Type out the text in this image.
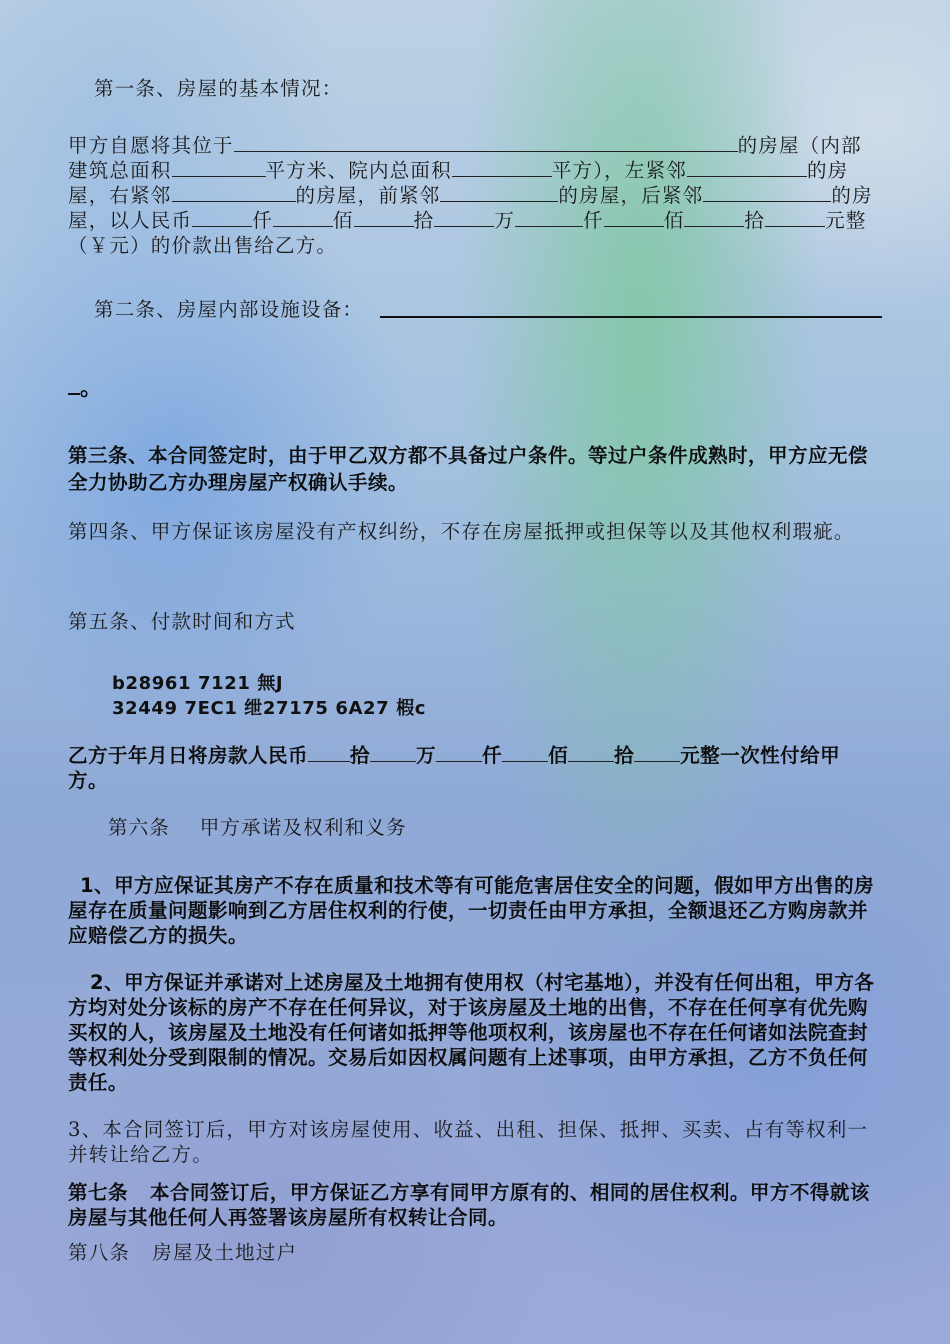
第一条、房屋的基本情况：

甲方自愿将其位于	的房屋（内部建筑总面积	平方米、院内总面积	平方），左紧邻	的房屋，右紧邻	的房屋，前紧邻	的房屋，后紧邻	的房屋，以人民币	仟	佰	拾	万	仟	佰	拾	元整（￥元）的价款出售给乙方。

第二条、房屋内部设施设备：

。

第三条、本合同签定时，由于甲乙双方都不具备过户条件。等过户条件成熟时，甲方应无偿全力协助乙方办理房屋产权确认手续。

第四条、甲方保证该房屋没有产权纠纷，不存在房屋抵押或担保等以及其他权利瑕疵。

第五条、付款时间和方式

b28961 7121 無J
32449 7EC1 绁27175 6A27 椵c

乙方于年月日将房款人民币 拾 万 仟 佰 拾 元整一次性付给甲方。

第六条    甲方承诺及权利和义务

1、甲方应保证其房产不存在质量和技术等有可能危害居住安全的问题，假如甲方出售的房屋存在质量问题影响到乙方居住权利的行使，一切责任由甲方承担，全额退还乙方购房款并应赔偿乙方的损失。

2、甲方保证并承诺对上述房屋及土地拥有使用权（村宅基地），并没有任何出租，甲方各方均对处分该标的房产不存在任何异议，对于该房屋及土地的出售，不存在任何享有优先购买权的人，该房屋及土地没有任何诸如抵押等他项权利，该房屋也不存在任何诸如法院查封等权利处分受到限制的情况。交易后如因权属问题有上述事项，由甲方承担，乙方不负任何责任。

3、本合同签订后，甲方对该房屋使用、收益、出租、担保、抵押、买卖、占有等权利一并转让给乙方。

第七条   本合同签订后，甲方保证乙方享有同甲方原有的、相同的居住权利。甲方不得就该房屋与其他任何人再签署该房屋所有权转让合同。

第八条   房屋及土地过户
